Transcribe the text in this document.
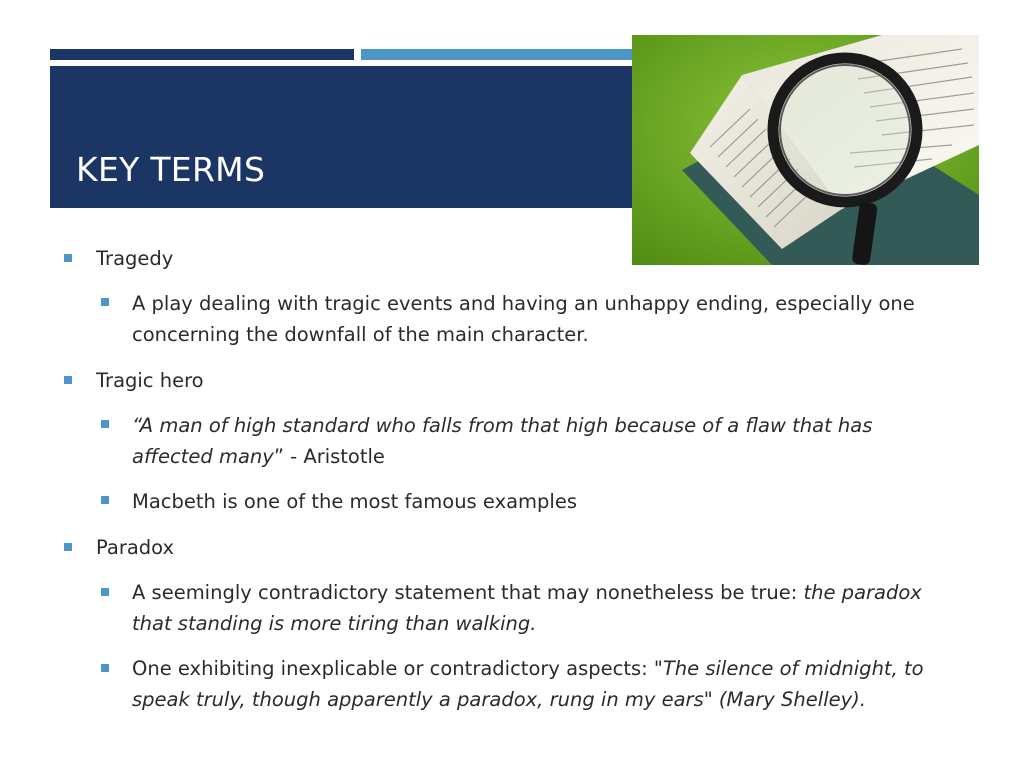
KEY TERMS
Tragedy
A play dealing with tragic events and having an unhappy ending, especially one concerning the downfall of the main character.
Tragic hero
“A man of high standard who falls from that high because of a flaw that has affected many” - Aristotle
Macbeth is one of the most famous examples
Paradox
A seemingly contradictory statement that may nonetheless be true: the paradox that standing is more tiring than walking.
One exhibiting inexplicable or contradictory aspects: "The silence of midnight, to speak truly, though apparently a paradox, rung in my ears" (Mary Shelley).
